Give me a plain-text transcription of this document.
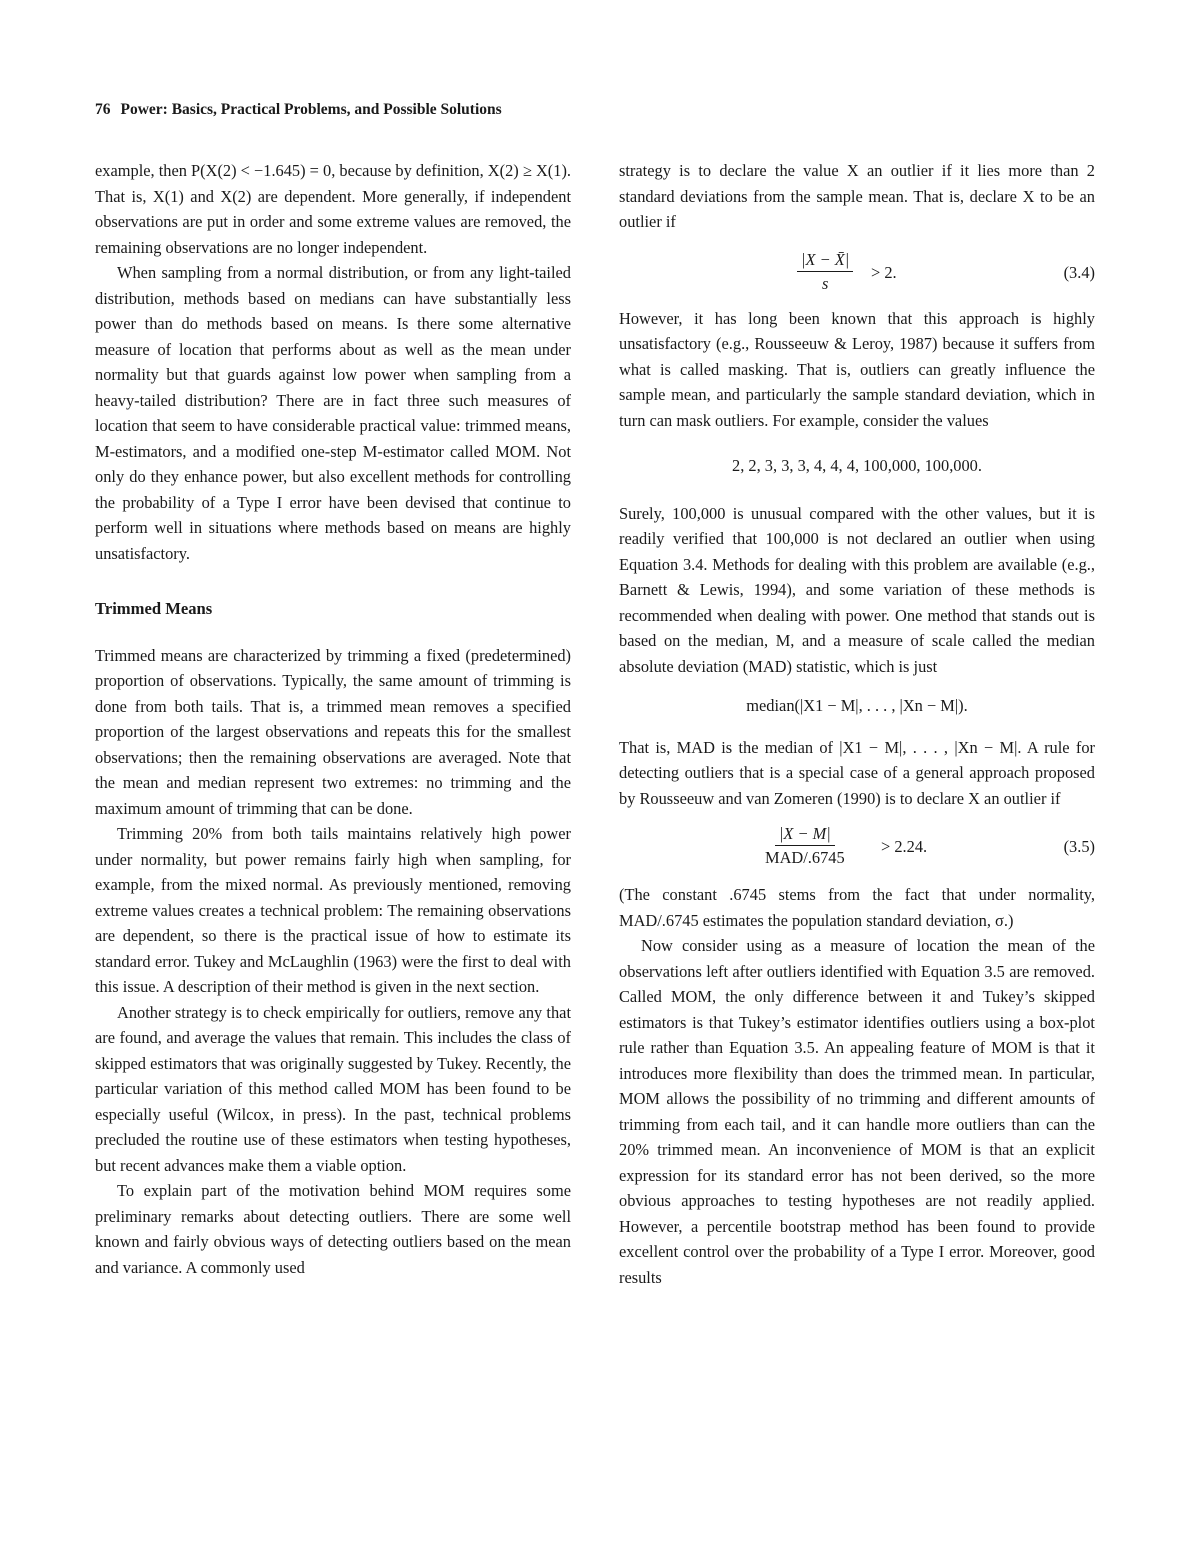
76 Power: Basics, Practical Problems, and Possible Solutions

example, then P(X(2) < −1.645) = 0, because by definition, X(2) ≥ X(1). That is, X(1) and X(2) are dependent. More generally, if independent observations are put in order and some extreme values are removed, the remaining observations are no longer independent.

When sampling from a normal distribution, or from any light-tailed distribution, methods based on medians can have substantially less power than do methods based on means. Is there some alternative measure of location that performs about as well as the mean under normality but that guards against low power when sampling from a heavy-tailed distribution? There are in fact three such measures of location that seem to have considerable practical value: trimmed means, M-estimators, and a modified one-step M-estimator called MOM. Not only do they enhance power, but also excellent methods for controlling the probability of a Type I error have been devised that continue to perform well in situations where methods based on means are highly unsatisfactory.

Trimmed Means

Trimmed means are characterized by trimming a fixed (predetermined) proportion of observations. Typically, the same amount of trimming is done from both tails. That is, a trimmed mean removes a specified proportion of the largest observations and repeats this for the smallest observations; then the remaining observations are averaged. Note that the mean and median represent two extremes: no trimming and the maximum amount of trimming that can be done.

Trimming 20% from both tails maintains relatively high power under normality, but power remains fairly high when sampling, for example, from the mixed normal. As previously mentioned, removing extreme values creates a technical problem: The remaining observations are dependent, so there is the practical issue of how to estimate its standard error. Tukey and McLaughlin (1963) were the first to deal with this issue. A description of their method is given in the next section.

Another strategy is to check empirically for outliers, remove any that are found, and average the values that remain. This includes the class of skipped estimators that was originally suggested by Tukey. Recently, the particular variation of this method called MOM has been found to be especially useful (Wilcox, in press). In the past, technical problems precluded the routine use of these estimators when testing hypotheses, but recent advances make them a viable option.

To explain part of the motivation behind MOM requires some preliminary remarks about detecting outliers. There are some well known and fairly obvious ways of detecting outliers based on the mean and variance. A commonly used

strategy is to declare the value X an outlier if it lies more than 2 standard deviations from the sample mean. That is, declare X to be an outlier if

$\frac{|X - X̄|}{s} > 2$.	(3.4)

However, it has long been known that this approach is highly unsatisfactory (e.g., Rousseeuw & Leroy, 1987) because it suffers from what is called masking. That is, outliers can greatly influence the sample mean, and particularly the sample standard deviation, which in turn can mask outliers. For example, consider the values

2, 2, 3, 3, 3, 4, 4, 4, 100,000, 100,000.

Surely, 100,000 is unusual compared with the other values, but it is readily verified that 100,000 is not declared an outlier when using Equation 3.4. Methods for dealing with this problem are available (e.g., Barnett & Lewis, 1994), and some variation of these methods is recommended when dealing with power. One method that stands out is based on the median, M, and a measure of scale called the median absolute deviation (MAD) statistic, which is just

median(|X1 − M|, . . . , |Xn − M|).

That is, MAD is the median of |X1 − M|, . . . , |Xn − M|. A rule for detecting outliers that is a special case of a general approach proposed by Rousseeuw and van Zomeren (1990) is to declare X an outlier if

|X − M|
MAD/.6745
> 2.24.	(3.5)

(The constant .6745 stems from the fact that under normality, MAD/.6745 estimates the population standard deviation, σ.)

Now consider using as a measure of location the mean of the observations left after outliers identified with Equation 3.5 are removed. Called MOM, the only difference between it and Tukey’s skipped estimators is that Tukey’s estimator identifies outliers using a box-plot rule rather than Equation 3.5. An appealing feature of MOM is that it introduces more flexibility than does the trimmed mean. In particular, MOM allows the possibility of no trimming and different amounts of trimming from each tail, and it can handle more outliers than can the 20% trimmed mean. An inconvenience of MOM is that an explicit expression for its standard error has not been derived, so the more obvious approaches to testing hypotheses are not readily applied. However, a percentile bootstrap method has been found to provide excellent control over the probability of a Type I error. Moreover, good results
